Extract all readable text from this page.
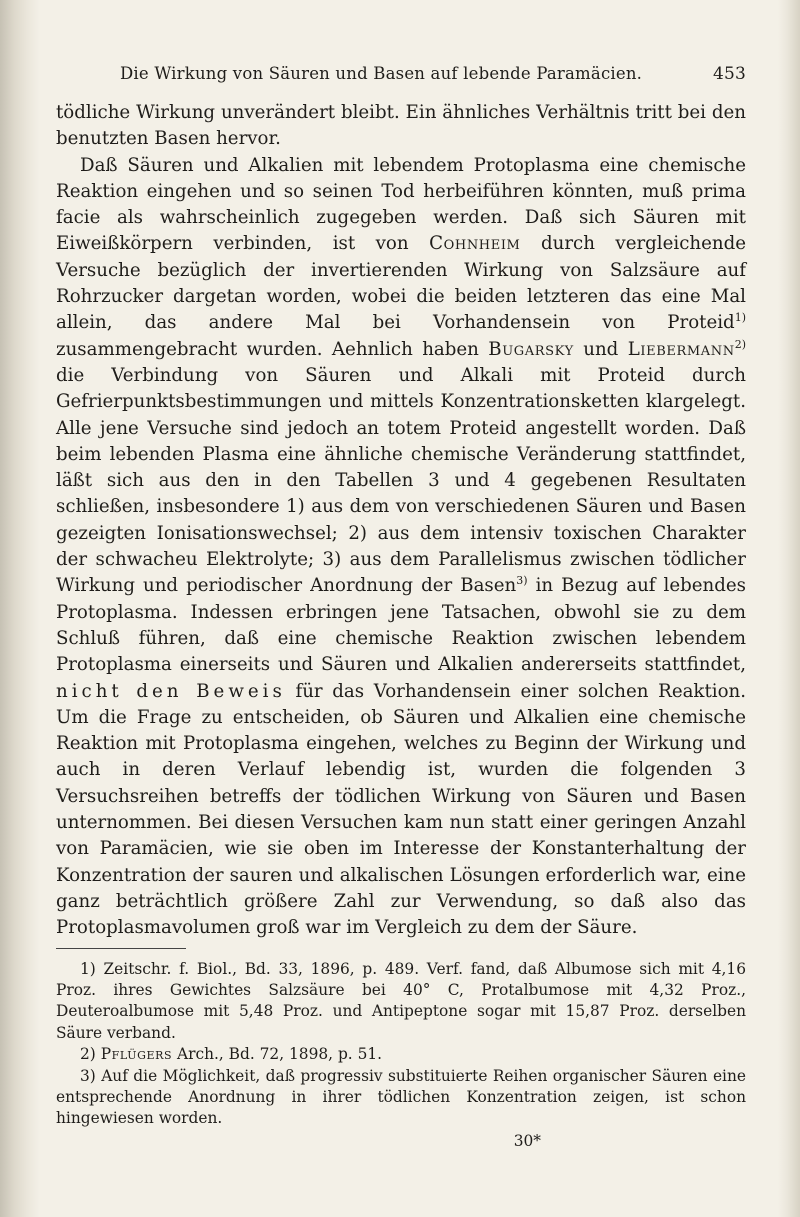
Die Wirkung von Säuren und Basen auf lebende Paramäcien.	453

tödliche Wirkung unverändert bleibt. Ein ähnliches Verhältnis tritt bei den benutzten Basen hervor.

Daß Säuren und Alkalien mit lebendem Protoplasma eine chemische Reaktion eingehen und so seinen Tod herbeiführen könnten, muß prima facie als wahrscheinlich zugegeben werden. Daß sich Säuren mit Eiweißkörpern verbinden, ist von Cohnheim durch vergleichende Versuche bezüglich der invertierenden Wirkung von Salzsäure auf Rohrzucker dargetan worden, wobei die beiden letzteren das eine Mal allein, das andere Mal bei Vorhandensein von Proteid$^{1)}$ zusammengebracht wurden. Aehnlich haben Bugarsky und Liebermann$^{2)}$ die Verbindung von Säuren und Alkali mit Proteid durch Gefrierpunktsbestimmungen und mittels Konzentrationsketten klargelegt. Alle jene Versuche sind jedoch an totem Proteid angestellt worden. Daß beim lebenden Plasma eine ähnliche chemische Veränderung stattfindet, läßt sich aus den in den Tabellen 3 und 4 gegebenen Resultaten schließen, insbesondere 1) aus dem von verschiedenen Säuren und Basen gezeigten Ionisationswechsel; 2) aus dem intensiv toxischen Charakter der schwacheu Elektrolyte; 3) aus dem Parallelismus zwischen tödlicher Wirkung und periodischer Anordnung der Basen$^{3)}$ in Bezug auf lebendes Protoplasma. Indessen erbringen jene Tatsachen, obwohl sie zu dem Schluß führen, daß eine chemische Reaktion zwischen lebendem Protoplasma einerseits und Säuren und Alkalien andererseits stattfindet, nicht den Beweis für das Vorhandensein einer solchen Reaktion. Um die Frage zu entscheiden, ob Säuren und Alkalien eine chemische Reaktion mit Protoplasma eingehen, welches zu Beginn der Wirkung und auch in deren Verlauf lebendig ist, wurden die folgenden 3 Versuchsreihen betreffs der tödlichen Wirkung von Säuren und Basen unternommen. Bei diesen Versuchen kam nun statt einer geringen Anzahl von Paramäcien, wie sie oben im Interesse der Konstanterhaltung der Konzentration der sauren und alkalischen Lösungen erforderlich war, eine ganz beträchtlich größere Zahl zur Verwendung, so daß also das Protoplasmavolumen groß war im Vergleich zu dem der Säure.

1) Zeitschr. f. Biol., Bd. 33, 1896, p. 489. Verf. fand, daß Albumose sich mit 4,16 Proz. ihres Gewichtes Salzsäure bei 40° C, Protalbumose mit 4,32 Proz., Deuteroalbumose mit 5,48 Proz. und Antipeptone sogar mit 15,87 Proz. derselben Säure verband.

2) Pflügers Arch., Bd. 72, 1898, p. 51.

3) Auf die Möglichkeit, daß progressiv substituierte Reihen organischer Säuren eine entsprechende Anordnung in ihrer tödlichen Konzentration zeigen, ist schon hingewiesen worden.

30*
